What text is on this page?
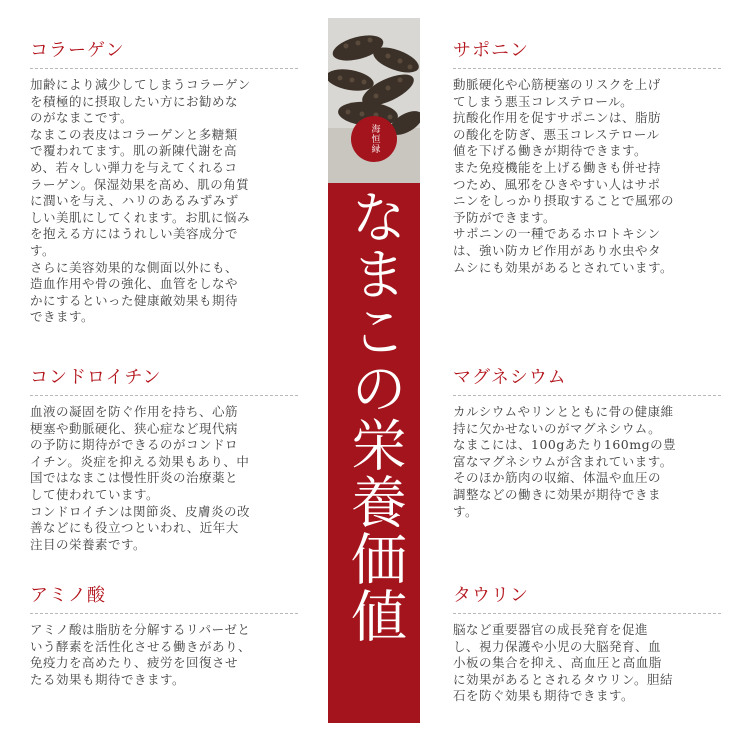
コラーゲン

加齢により減少してしまうコラーゲン
を積極的に摂取したい方にお勧めな
のがなまこです。
なまこの表皮はコラーゲンと多糖類
で覆われてます。肌の新陳代謝を高
め、若々しい弾力を与えてくれるコ
ラーゲン。保湿効果を高め、肌の角質
に潤いを与え、ハリのあるみずみず
しい美肌にしてくれます。お肌に悩み
を抱える方にはうれしい美容成分で
す。
さらに美容効果的な側面以外にも、
造血作用や骨の強化、血管をしなや
かにするといった健康敵効果も期待
できます。

コンドロイチン

血液の凝固を防ぐ作用を持ち、心筋
梗塞や動脈硬化、狭心症など現代病
の予防に期待ができるのがコンドロ
イチン。炎症を抑える効果もあり、中
国ではなまこは慢性肝炎の治療薬と
して使われています。
コンドロイチンは関節炎、皮膚炎の改
善などにも役立つといわれ、近年大
注目の栄養素です。

アミノ酸

アミノ酸は脂肪を分解するリパーゼと
いう酵素を活性化させる働きがあり、
免疫力を高めたり、疲労を回復させ
たる効果も期待できます。

海恒縁
なまこの栄養価値
サポニン

動脈硬化や心筋梗塞のリスクを上げ
てしまう悪玉コレステロール。
抗酸化作用を促すサポニンは、脂肪
の酸化を防ぎ、悪玉コレステロール
値を下げる働きが期待できます。
また免疫機能を上げる働きも併せ持
つため、風邪をひきやすい人はサポ
ニンをしっかり摂取することで風邪の
予防ができます。
サポニンの一種であるホロトキシン
は、強い防カビ作用があり水虫やタ
ムシにも効果があるとされています。

マグネシウム

カルシウムやリンとともに骨の健康維
持に欠かせないのがマグネシウム。
なまこには、100gあたり160mgの豊
富なマグネシウムが含まれています。
そのほか筋肉の収縮、体温や血圧の
調整などの働きに効果が期待できま
す。

タウリン

脳など重要器官の成長発育を促進
し、視力保護や小児の大脳発育、血
小板の集合を抑え、高血圧と高血脂
に効果があるとされるタウリン。胆結
石を防ぐ効果も期待できます。
